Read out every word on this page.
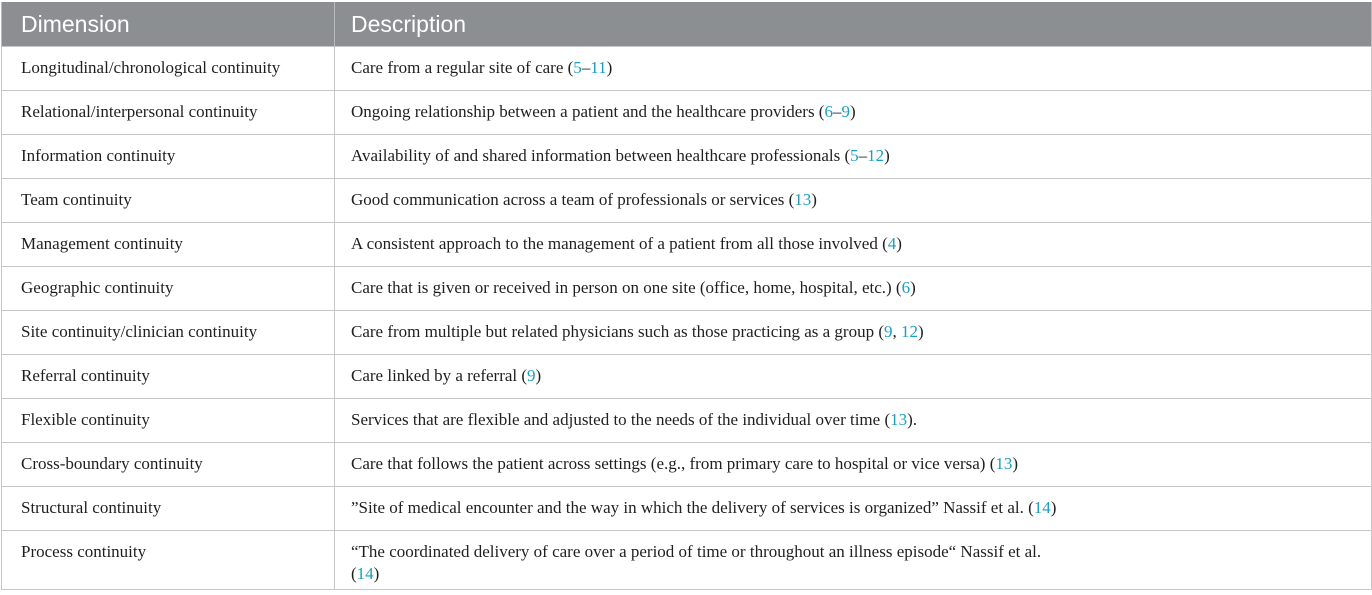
Dimension	Description
Longitudinal/chronological continuity	Care from a regular site of care (5–11)
Relational/interpersonal continuity	Ongoing relationship between a patient and the healthcare providers (6–9)
Information continuity	Availability of and shared information between healthcare professionals (5–12)
Team continuity	Good communication across a team of professionals or services (13)
Management continuity	A consistent approach to the management of a patient from all those involved (4)
Geographic continuity	Care that is given or received in person on one site (office, home, hospital, etc.) (6)
Site continuity/clinician continuity	Care from multiple but related physicians such as those practicing as a group (9, 12)
Referral continuity	Care linked by a referral (9)
Flexible continuity	Services that are flexible and adjusted to the needs of the individual over time (13).
Cross-boundary continuity	Care that follows the patient across settings (e.g., from primary care to hospital or vice versa) (13)
Structural continuity	”Site of medical encounter and the way in which the delivery of services is organized” Nassif et al. (14)
Process continuity	“The coordinated delivery of care over a period of time or throughout an illness episode“ Nassif et al.
(14)
